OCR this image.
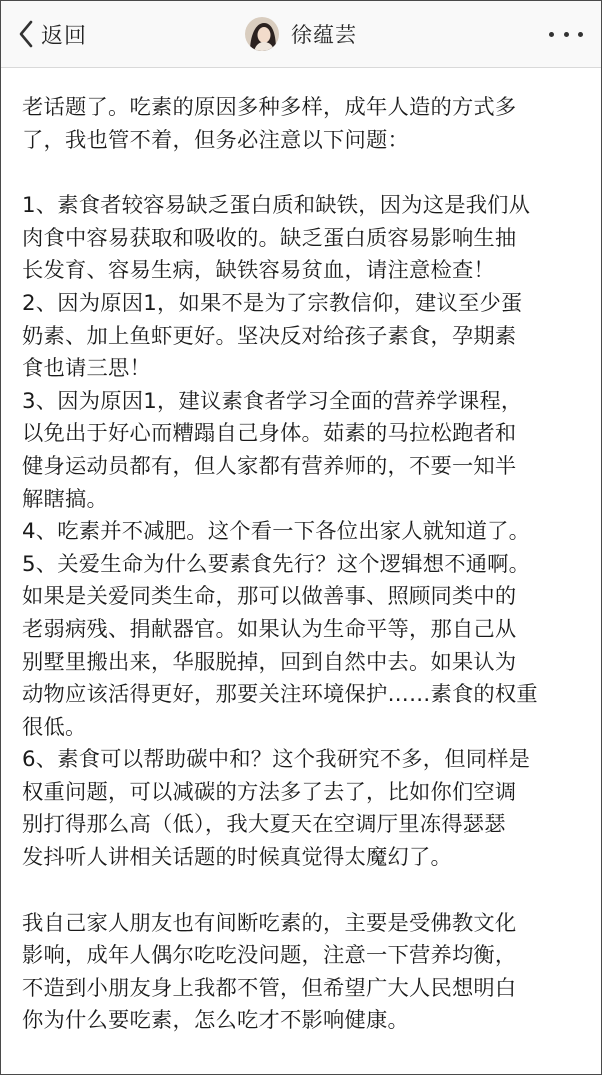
返回	徐蕴芸
老话题了。吃素的原因多种多样，成年人造的方式多
了，我也管不着，但务必注意以下问题：
1、素食者较容易缺乏蛋白质和缺铁，因为这是我们从
肉食中容易获取和吸收的。缺乏蛋白质容易影响生抽
长发育、容易生病，缺铁容易贫血，请注意检查！
2、因为原因1，如果不是为了宗教信仰，建议至少蛋
奶素、加上鱼虾更好。坚决反对给孩子素食，孕期素
食也请三思！
3、因为原因1，建议素食者学习全面的营养学课程，
以免出于好心而糟蹋自己身体。茹素的马拉松跑者和
健身运动员都有，但人家都有营养师的，不要一知半
解瞎搞。
4、吃素并不减肥。这个看一下各位出家人就知道了。
5、关爱生命为什么要素食先行？这个逻辑想不通啊。
如果是关爱同类生命，那可以做善事、照顾同类中的
老弱病残、捐献器官。如果认为生命平等，那自己从
别墅里搬出来，华服脱掉，回到自然中去。如果认为
动物应该活得更好，那要关注环境保护……素食的权重
很低。
6、素食可以帮助碳中和？这个我研究不多，但同样是
权重问题，可以减碳的方法多了去了，比如你们空调
别打得那么高（低），我大夏天在空调厅里冻得瑟瑟
发抖听人讲相关话题的时候真觉得太魔幻了。
我自己家人朋友也有间断吃素的，主要是受佛教文化
影响，成年人偶尔吃吃没问题，注意一下营养均衡，
不造到小朋友身上我都不管，但希望广大人民想明白
你为什么要吃素，怎么吃才不影响健康。
